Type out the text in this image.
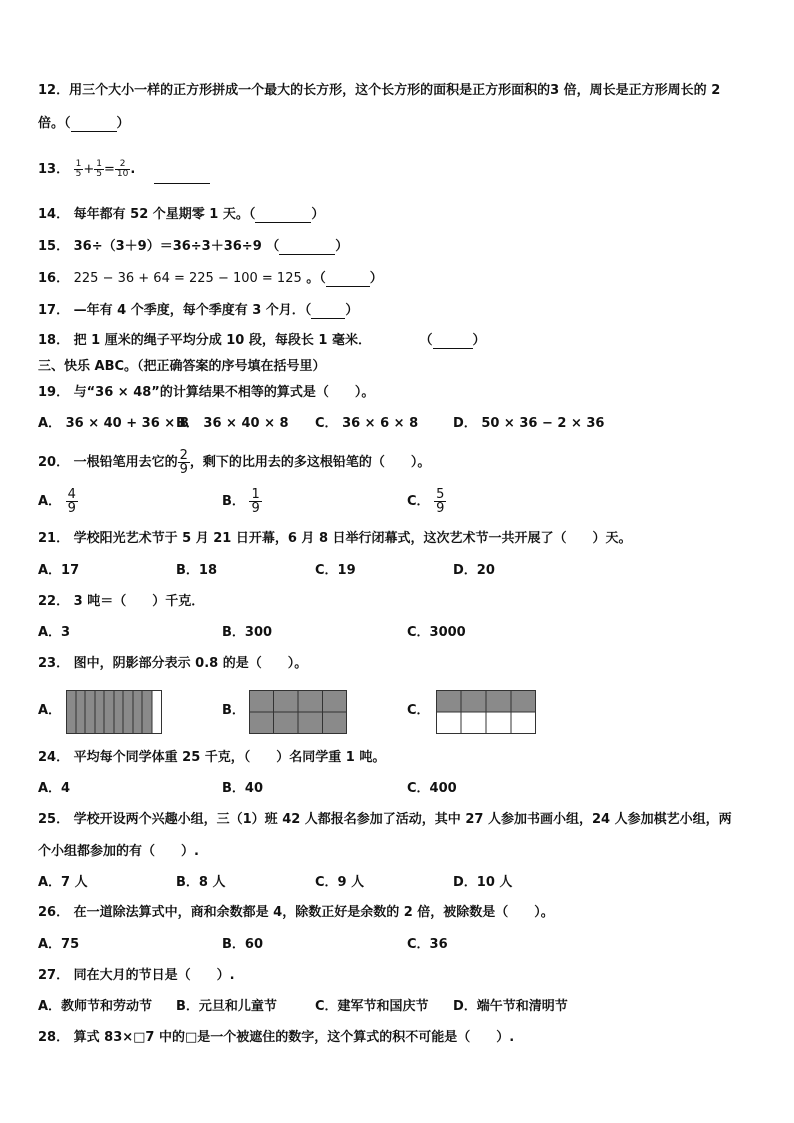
12．用三个大小一样的正方形拼成一个最大的长方形，这个长方形的面积是正方形面积的3 倍，周长是正方形周长的 2
倍。（	）
13． $\frac{1}{5} + \frac{1}{5} = \frac{2}{10}$ .
14． 每年都有 52 个星期零 1 天。（	）
15． 36÷（3＋9）＝36÷3＋36÷9 （	）
16． 225 − 36 + 64 = 225 − 100 = 125 。（	）
17． —年有 4 个季度，每个季度有 3 个月．（	）
18． 把 1 厘米的绳子平均分成 10 段，每段长 1 毫米．	（	）
三、快乐 ABC。（把正确答案的序号填在括号里）
19． 与“36 × 48”的计算结果不相等的算式是（　　）。
A． 36 × 40 + 36 × 8
B． 36 × 40 × 8 C． 36 × 6 × 8	D． 50 × 36 − 2 × 36
20． 一根铅笔用去它的 $\frac{2}{9}$ ，剩下的比用去的多这根铅笔的（　　）。
A． $\frac{4}{9}$	B． $\frac{1}{9}$	C． $\frac{5}{9}$
21． 学校阳光艺术节于 5 月 21 日开幕，6 月 8 日举行闭幕式，这次艺术节一共开展了（　　）天。
A．17	B．18	C．19	D．20
22． 3 吨＝（　　）千克．
A．3	B．300	C．3000
23． 图中，阴影部分表示 0.8 的是（　　）。
A．	B．	C．
24． 平均每个同学体重 25 千克，（　　）名同学重 1 吨。
A．4	B．40	C．400
25． 学校开设两个兴趣小组，三（1）班 42 人都报名参加了活动，其中 27 人参加书画小组，24 人参加棋艺小组，两
个小组都参加的有（　　）.
A．7 人	B．8 人	C．9 人	D．10 人
26． 在一道除法算式中，商和余数都是 4，除数正好是余数的 2 倍，被除数是（　　）。
A．75	B．60	C．36
27． 同在大月的节日是（　　）.
A．教师节和劳动节 B．元旦和儿童节	C．建军节和国庆节 D．端午节和清明节
28． 算式 83×□7 中的□是一个被遮住的数字，这个算式的积不可能是（　　）.
